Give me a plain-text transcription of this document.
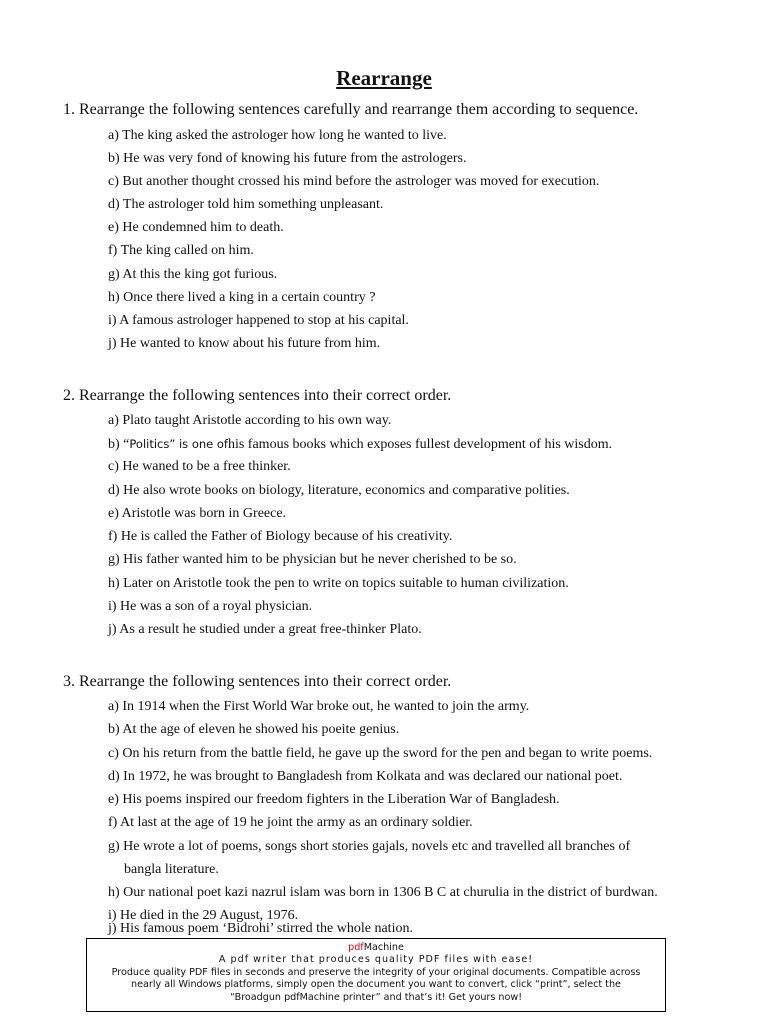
Rearrange
1. Rearrange the following sentences carefully and rearrange them according to sequence.
a) The king asked the astrologer how long he wanted to live.
b) He was very fond of knowing his future from the astrologers.
c) But another thought crossed his mind before the astrologer was moved for execution.
d) The astrologer told him something unpleasant.
e) He condemned him to death.
f) The king called on him.
g) At this the king got furious.
h) Once there lived a king in a certain country ?
i) A famous astrologer happened to stop at his capital.
j) He wanted to know about his future from him.
2. Rearrange the following sentences into their correct order.
a) Plato taught Aristotle according to his own way.
b) “Politics” is one ofhis famous books which exposes fullest development of his wisdom.
c) He waned to be a free thinker.
d) He also wrote books on biology, literature, economics and comparative polities.
e) Aristotle was born in Greece.
f) He is called the Father of Biology because of his creativity.
g) His father wanted him to be physician but he never cherished to be so.
h) Later on Aristotle took the pen to write on topics suitable to human civilization.
i) He was a son of a royal physician.
j) As a result he studied under a great free-thinker Plato.
3. Rearrange the following sentences into their correct order.
a) In 1914 when the First World War broke out, he wanted to join the army.
b) At the age of eleven he showed his poeite genius.
c) On his return from the battle field, he gave up the sword for the pen and began to write poems.
d) In 1972, he was brought to Bangladesh from Kolkata and was declared our national poet.
e) His poems inspired our freedom fighters in the Liberation War of Bangladesh.
f) At last at the age of 19 he joint the army as an ordinary soldier.
g) He wrote a lot of poems, songs short stories gajals, novels etc and travelled all branches of
bangla literature.
h) Our national poet kazi nazrul islam was born in 1306 B C at churulia in the district of burdwan.
i) He died in the 29 August, 1976.
j) His famous poem ‘Bidrohi’ stirred the whole nation.
pdfMachine
A pdf writer that produces quality PDF files with ease!
Produce quality PDF files in seconds and preserve the integrity of your original documents. Compatible across
nearly all Windows platforms, simply open the document you want to convert, click “print”, select the
“Broadgun pdfMachine printer” and that’s it! Get yours now!
